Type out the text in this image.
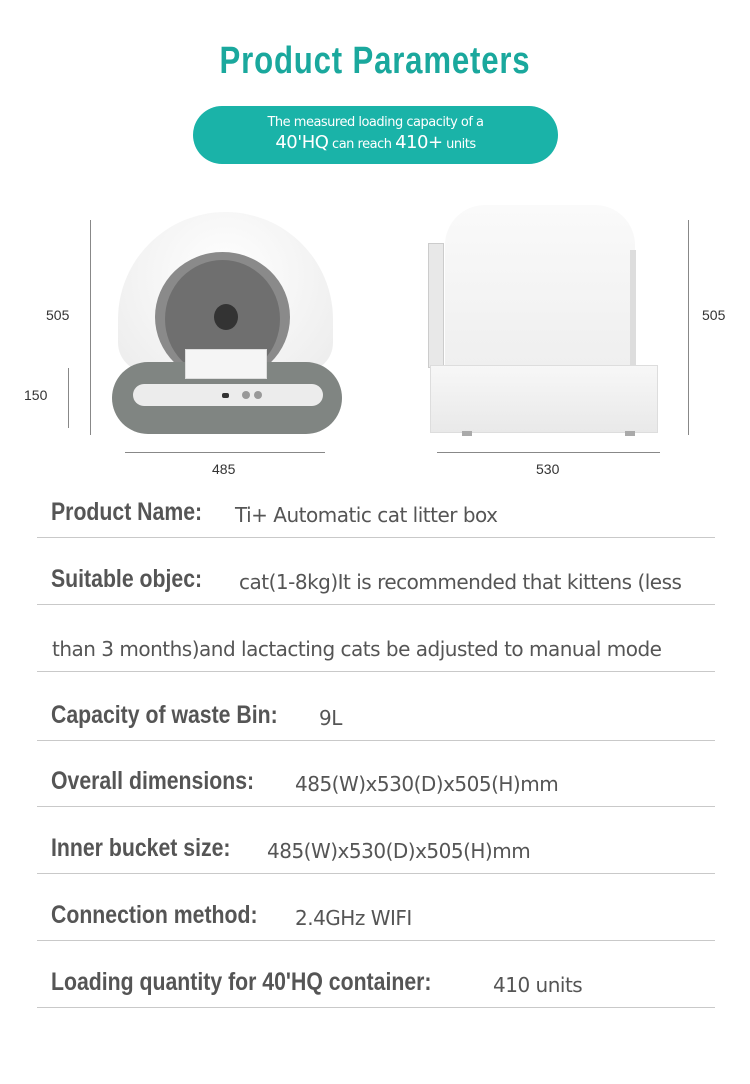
Product Parameters
The measured loading capacity of a
40'HQ can reach 410+ units
505
150
485	530
505
Product Name: Ti+ Automatic cat litter box
Suitable objec: cat(1-8kg)It is recommended that kittens (less
than 3 months)and lactacting cats be adjusted to manual mode
Capacity of waste Bin: 9L
Overall dimensions: 485(W)x530(D)x505(H)mm
Inner bucket size: 485(W)x530(D)x505(H)mm
Connection method: 2.4GHz WIFI
Loading quantity for 40'HQ container:	410 units
